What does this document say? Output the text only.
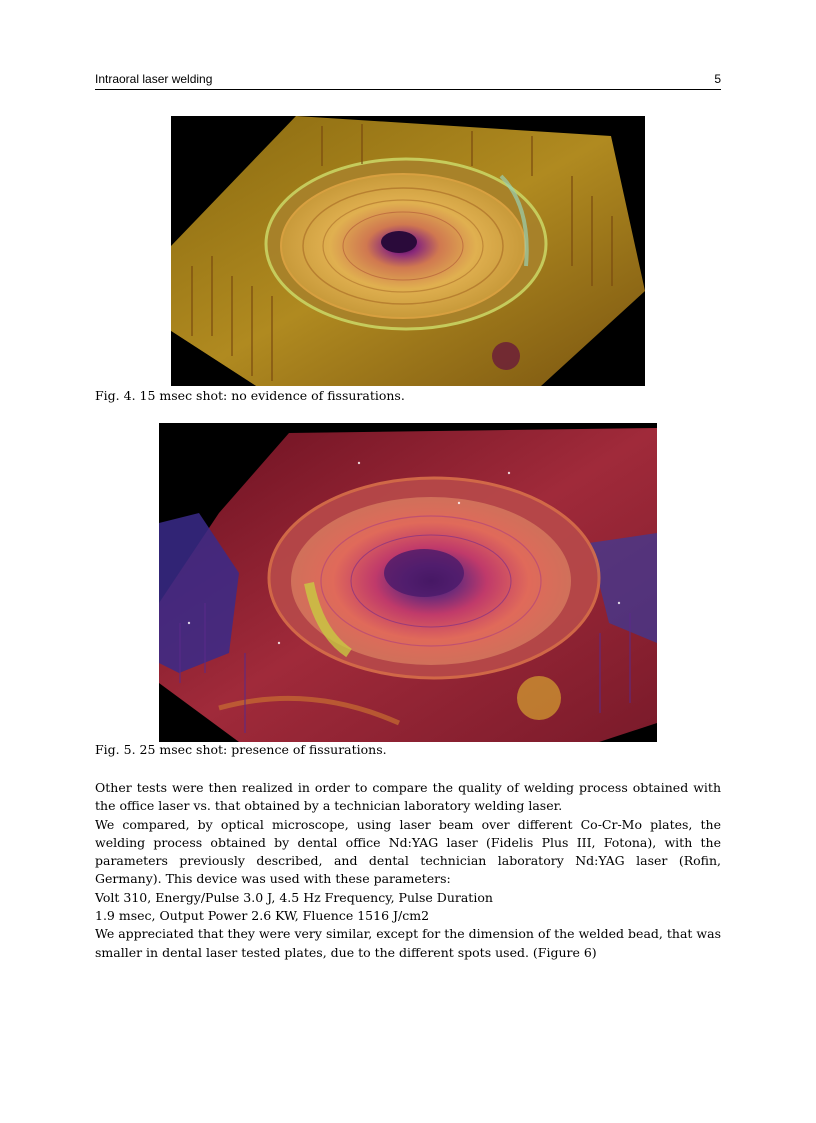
Intraoral laser welding	5
Fig. 4. 15 msec shot: no evidence of fissurations.
Fig. 5. 25 msec shot: presence of fissurations.

Other tests were then realized in order to compare the quality of welding process obtained with the office laser vs. that obtained by a technician laboratory welding laser.

We compared, by optical microscope, using laser beam over different Co-Cr-Mo plates, the welding process obtained by dental office Nd:YAG laser (Fidelis Plus III, Fotona), with the parameters previously described, and dental technician laboratory Nd:YAG laser (Rofin, Germany). This device was used with these parameters:

Volt 310, Energy/Pulse 3.0 J, 4.5 Hz Frequency, Pulse Duration

1.9 msec, Output Power 2.6 KW, Fluence 1516 J/cm2

We appreciated that they were very similar, except for the dimension of the welded bead, that was smaller in dental laser tested plates, due to the different spots used. (Figure 6)
